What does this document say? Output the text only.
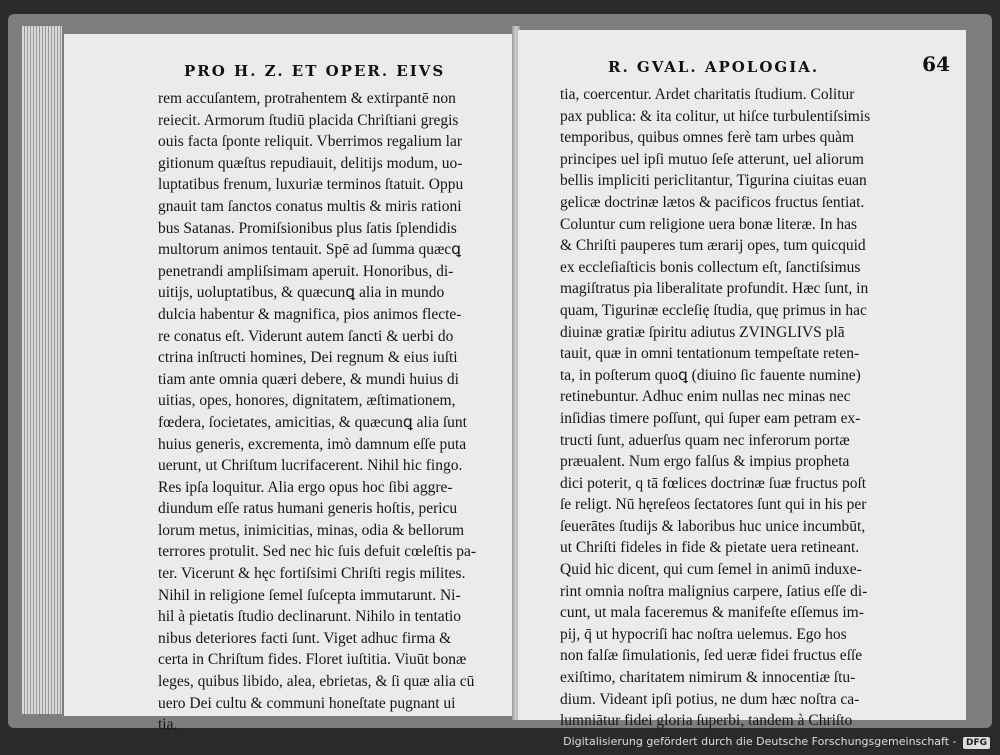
PRO H. Z. ET OPER. EIVS
rem accuſantem, protrahentem & extirpantē non
reiecit. Armorum ſtudiū placida Chriſtiani gregis
ouis facta ſponte reliquit. Vberrimos regalium lar
gitionum quæſtus repudiauit, delitijs modum, uo-
luptatibus frenum, luxuriæ terminos ſtatuit. Oppu
gnauit tam ſanctos conatus multis & miris rationi
bus Satanas. Promiſsionibus plus ſatis ſplendidis
multorum animos tentauit. Spē ad ſumma quæcꝗ
penetrandi ampliſsimam aperuit. Honoribus, di-
uitijs, uoluptatibus, & quæcunꝗ alia in mundo
dulcia habentur & magnifica, pios animos flecte-
re conatus eſt. Viderunt autem ſancti & uerbi do
ctrina inſtructi homines, Dei regnum & eius iuſti
tiam ante omnia quæri debere, & mundi huius di
uitias, opes, honores, dignitatem, æſtimationem,
fœdera, ſocietates, amicitias, & quæcunꝗ alia ſunt
huius generis, excrementa, imò damnum eſſe puta
uerunt, ut Chriſtum lucrifacerent. Nihil hic fingo.
Res ipſa loquitur. Alia ergo opus hoc ſibi aggre-
diundum eſſe ratus humani generis hoſtis, pericu
lorum metus, inimicitias, minas, odia & bellorum
terrores protulit. Sed nec hic ſuis defuit cœleſtis pa-
ter. Vicerunt & hęc fortiſsimi Chriſti regis milites.
Nihil in religione ſemel ſuſcepta immutarunt. Ni-
hil à pietatis ſtudio declinarunt. Nihilo in tentatio
nibus deteriores facti ſunt. Viget adhuc firma &
certa in Chriſtum fides. Floret iuſtitia. Viuūt bonæ
leges, quibus libido, alea, ebrietas, & ſi quæ alia cū
uero Dei cultu & communi honeſtate pugnant ui
tia,
R. GVAL. APOLOGIA.	64
tia, coercentur. Ardet charitatis ſtudium. Colitur
pax publica: & ita colitur, ut hiſce turbulentiſsimis
temporibus, quibus omnes ferè tam urbes quàm
principes uel ipſi mutuo ſeſe atterunt, uel aliorum
bellis impliciti periclitantur, Tigurina ciuitas euan
gelicæ doctrinæ lætos & pacificos fructus ſentiat.
Coluntur cum religione uera bonæ literæ. In has
& Chriſti pauperes tum ærarij opes, tum quicquid
ex eccleſiaſticis bonis collectum eſt, ſanctiſsimus
magiſtratus pia liberalitate profundit. Hæc ſunt, in
quam, Tigurinæ eccleſię ſtudia, quę primus in hac
diuinæ gratiæ ſpiritu adiutus ZVINGLIVS plā
tauit, quæ in omni tentationum tempeſtate reten-
ta, in poſterum quoꝗ (diuino ſic fauente numine)
retinebuntur. Adhuc enim nullas nec minas nec
inſidias timere poſſunt, qui ſuper eam petram ex-
tructi ſunt, aduerſus quam nec inferorum portæ
præualent. Num ergo falſus & impius propheta
dici poterit, q tā fœlices doctrinæ ſuæ fructus poſt
ſe religt. Nū hęreſeos ſectatores ſunt qui in his per
ſeuerātes ſtudijs & laboribus huc unice incumbūt,
ut Chriſti fideles in fide & pietate uera retineant.
Quid hic dicent, qui cum ſemel in animū induxe-
rint omnia noſtra malignius carpere, ſatius eſſe di-
cunt, ut mala faceremus & manifeſte eſſemus im-
pij, q̄ ut hypocriſi hac noſtra uelemus. Ego hos
non falſæ ſimulationis, ſed ueræ fidei fructus eſſe
exiſtimo, charitatem nimirum & innocentiæ ſtu-
dium. Videant ipſi potius, ne dum hæc noſtra ca-
lumniātur fidei gloria ſuperbi, tandem à Chriſto
Digitalisierung gefördert durch die Deutsche Forschungsgemeinschaft - DFG
